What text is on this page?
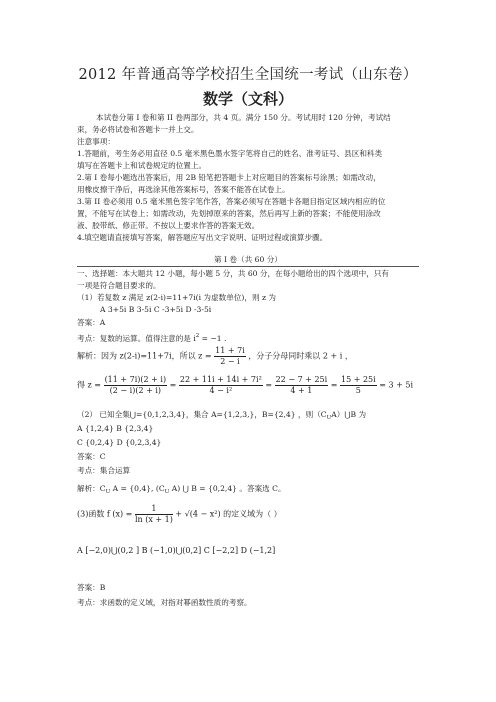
2012 年普通高等学校招生全国统一考试（山东卷）
数学（文科）
本试卷分第 I 卷和第 II 卷两部分，共 4 页。满分 150 分。考试用时 120 分钟，考试结
束，务必将试卷和答题卡一并上交。
注意事项：
1.答题前，考生务必用直径 0.5 毫米黑色墨水签字笔将自己的姓名、准考证号、县区和科类
填写在答题卡上和试卷规定的位置上。
2.第 I 卷每小题选出答案后，用 2B 铅笔把答题卡上对应题目的答案标号涂黑；如需改动，
用橡皮擦干净后，再选涂其他答案标号，答案不能答在试卷上。
3.第 II 卷必须用 0.5 毫米黑色签字笔作答，答案必须写在答题卡各题目指定区域内相应的位
置，不能写在试卷上；如需改动，先划掉原来的答案，然后再写上新的答案；不能使用涂改
液、胶带纸、修正带。不按以上要求作答的答案无效。
4.填空题请直接填写答案，解答题应写出文字说明、证明过程或演算步骤。
第 I 卷（共 60 分）
一、选择题：本大题共 12 小题，每小题 5 分，共 60 分，在每小题给出的四个选项中，只有
一项是符合题目要求的。
（1）若复数 z 满足 z(2-i)=11+7i(i 为虚数单位)，则 z 为
A 3+5i B 3-5i C -3+5i D -3-5i
答案：A
考点：复数的运算。值得注意的是 $i^2 = -1$ .
解析：因为 z(2-i)=11+7i，所以 $z = \frac{11 + 7i}{2 - i}$ ，分子分母同时乘以 2 + i ，
得 $z = \frac{(11 + 7i)(2 + i)}{(2 - i)(2 + i)} = \frac{\text{22 + 11i + 14i + 7i²}}{\text{4 − i²}} = \frac{22 - 7 + 25i}{4 + 1} = \frac{15 + 25i}{5} = 3 + 5i$
（2） 已知全集⋃={0,1,2,3,4}，集合 A={1,2,3,}，B={2,4} ，则$(C_UA)⋃B$ 为
A {1,2,4} B {2,3,4}
C {0,2,4} D {0,2,3,4}
答案：C
考点：集合运算
解析：$C_U$ A = {0,4}, ($C_U$ A) ⋃ B = {0,2,4} 。答案选 C。
(3)函数 f $(x) = \frac{1}{\ln (x + 1)} + √(4 - x^2)$ 的定义域为（ ）
A [−2,0)⋃(0,2 ] B (−1,0)⋃(0,2] C [−2,2] D (−1,2]
答案：B
考点：求函数的定义域，对指对幂函数性质的考察。
